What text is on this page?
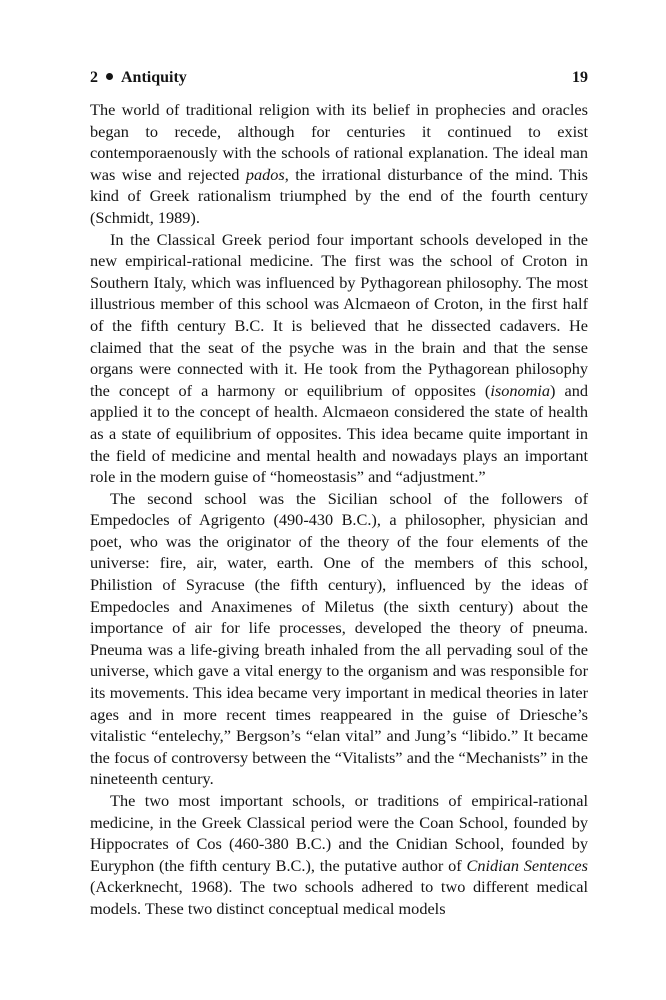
2 Antiquity	19

The world of traditional religion with its belief in prophecies and oracles began to recede, although for centuries it continued to exist contemporaenously with the schools of rational explanation. The ideal man was wise and rejected pados, the irrational disturbance of the mind. This kind of Greek rationalism triumphed by the end of the fourth century (Schmidt, 1989).

In the Classical Greek period four important schools developed in the new empirical-rational medicine. The first was the school of Croton in Southern Italy, which was influenced by Pythagorean philosophy. The most illustrious member of this school was Alcmaeon of Croton, in the first half of the fifth century B.C. It is believed that he dissected cadavers. He claimed that the seat of the psyche was in the brain and that the sense organs were connected with it. He took from the Pythagorean philosophy the concept of a harmony or equilibrium of opposites (isonomia) and applied it to the concept of health. Alcmaeon considered the state of health as a state of equilibrium of opposites. This idea became quite important in the field of medicine and mental health and nowadays plays an important role in the modern guise of “homeostasis” and “adjustment.”

The second school was the Sicilian school of the followers of Empedocles of Agrigento (490-430 B.C.), a philosopher, physician and poet, who was the originator of the theory of the four elements of the universe: fire, air, water, earth. One of the members of this school, Philistion of Syracuse (the fifth century), influenced by the ideas of Empedocles and Anaximenes of Miletus (the sixth century) about the importance of air for life processes, developed the theory of pneuma. Pneuma was a life-giving breath inhaled from the all pervading soul of the universe, which gave a vital energy to the organism and was responsible for its movements. This idea became very important in medical theories in later ages and in more recent times reappeared in the guise of Driesche’s vitalistic “entelechy,” Bergson’s “elan vital” and Jung’s “libido.” It became the focus of controversy between the “Vitalists” and the “Mechanists” in the nineteenth century.

The two most important schools, or traditions of empirical-rational medicine, in the Greek Classical period were the Coan School, founded by Hippocrates of Cos (460-380 B.C.) and the Cnidian School, founded by Euryphon (the fifth century B.C.), the putative author of Cnidian Sentences (Ackerknecht, 1968). The two schools adhered to two different medical models. These two distinct conceptual medical models
